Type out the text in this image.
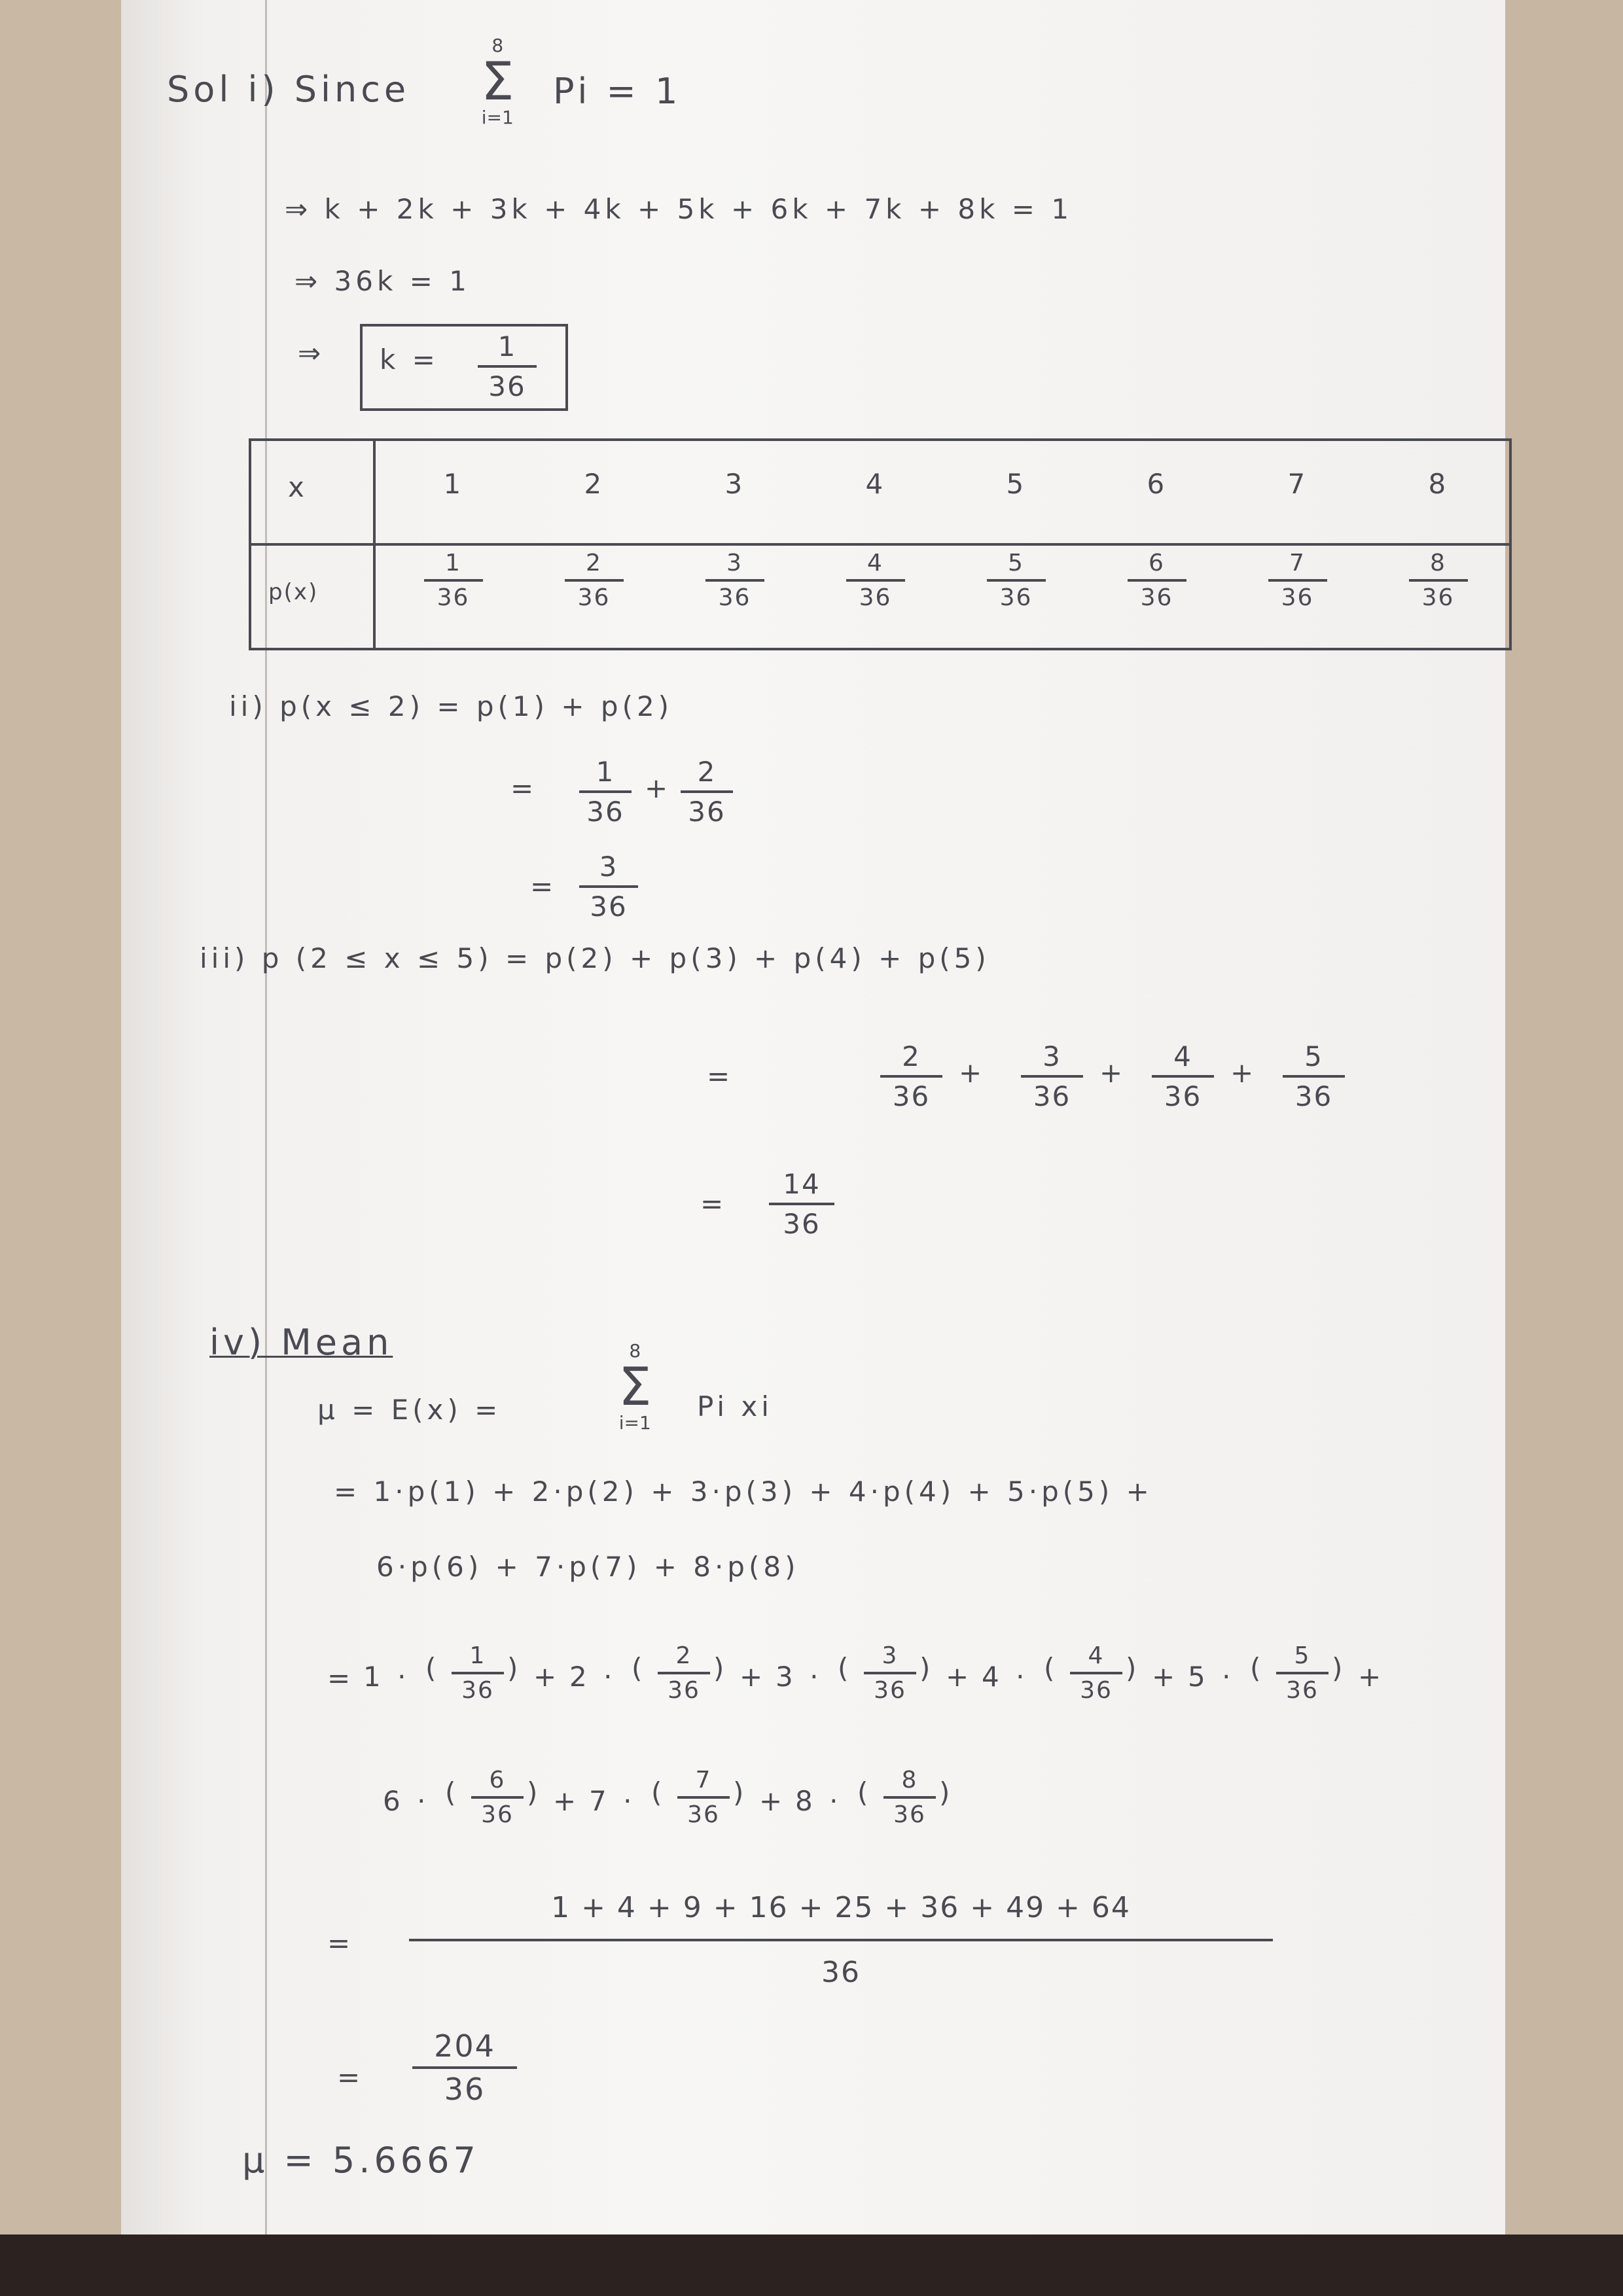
Sol i) Since
8
Σ
i=1
Pi = 1
⇒ k + 2k + 3k + 4k + 5k + 6k + 7k + 8k = 1
⇒ 36k = 1
⇒ k = 1
36
x
p(x)
1
1
36
2
2
36
3
3
36
4
4
36
5
5
36
6
6
36
7
7
36
8
8
36
ii) p(x ≤ 2) = p(1) + p(2)
=
1
36
+
2
36
=
3
36
iii) p (2 ≤ x ≤ 5) = p(2) + p(3) + p(4) + p(5)
=
2
36
+
3
36
+
4
36
+
5
36
=
14
36
iv) Mean
μ = E(x) =
8
Σ
i=1
Pi xi
= 1·p(1) + 2·p(2) + 3·p(3) + 4·p(4) + 5·p(5) +
6·p(6) + 7·p(7) + 8·p(8)
= 1 · ( 1
36
) + 2 · ( 2
36
) + 3 · ( 3
36
) + 4 · ( 4
36
) + 5 · ( 5
36
) +
6 · ( 6
36
) + 7 · ( 7
36
) + 8 · ( 8
36
)
=
1 + 4 + 9 + 16 + 25 + 36 + 49 + 64
36
=
204
36
μ = 5.6667
